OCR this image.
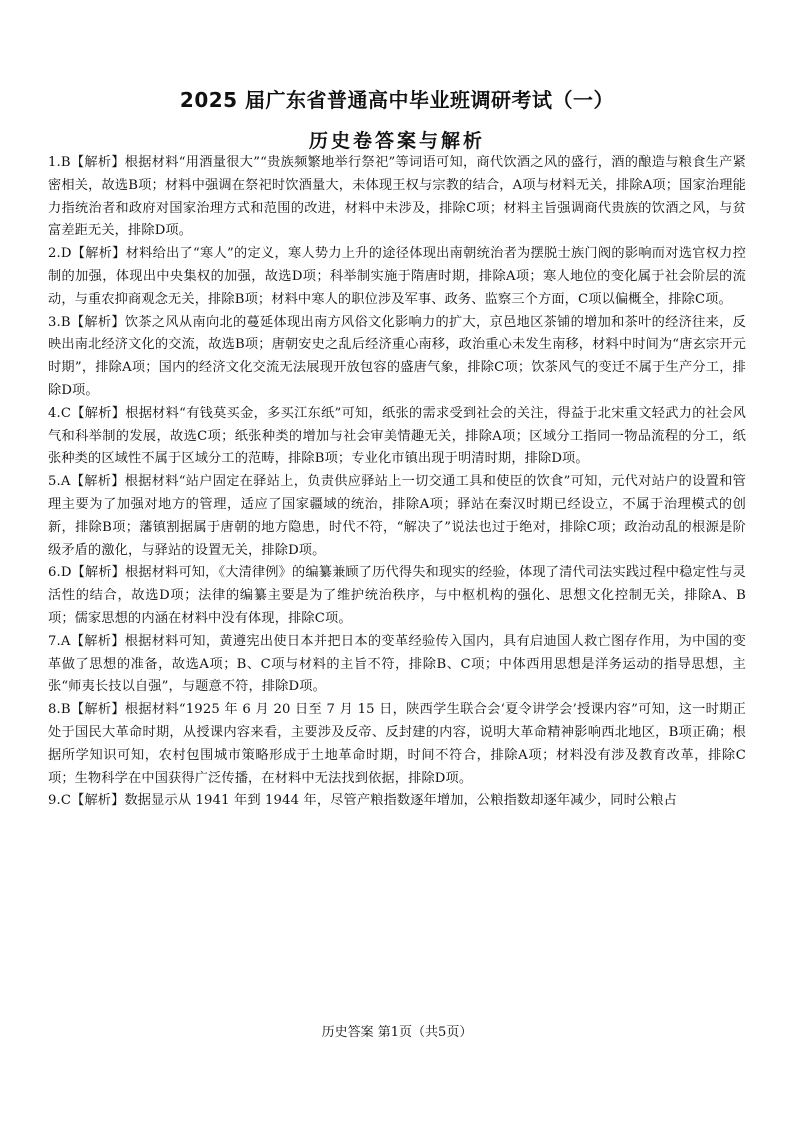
2025 届广东省普通高中毕业班调研考试（一）
历史卷答案与解析

1.B【解析】根据材料“用酒量很大”“贵族频繁地举行祭祀”等词语可知，商代饮酒之风的盛行，酒的酿造与粮食生产紧密相关，故选B项；材料中强调在祭祀时饮酒量大，未体现王权与宗教的结合，A项与材料无关，排除A项；国家治理能力指统治者和政府对国家治理方式和范围的改进，材料中未涉及，排除C项；材料主旨强调商代贵族的饮酒之风，与贫富差距无关，排除D项。

2.D【解析】材料给出了“寒人”的定义，寒人势力上升的途径体现出南朝统治者为摆脱士族门阀的影响而对选官权力控制的加强，体现出中央集权的加强，故选D项；科举制实施于隋唐时期，排除A项；寒人地位的变化属于社会阶层的流动，与重农抑商观念无关，排除B项；材料中寒人的职位涉及军事、政务、监察三个方面，C项以偏概全，排除C项。

3.B【解析】饮茶之风从南向北的蔓延体现出南方风俗文化影响力的扩大，京邑地区茶铺的增加和茶叶的经济往来，反映出南北经济文化的交流，故选B项；唐朝安史之乱后经济重心南移，政治重心未发生南移，材料中时间为“唐玄宗开元时期”，排除A项；国内的经济文化交流无法展现开放包容的盛唐气象，排除C项；饮茶风气的变迁不属于生产分工，排除D项。

4.C【解析】根据材料“有钱莫买金，多买江东纸”可知，纸张的需求受到社会的关注，得益于北宋重文轻武力的社会风气和科举制的发展，故选C项；纸张种类的增加与社会审美情趣无关，排除A项；区域分工指同一物品流程的分工，纸张种类的区域性不属于区域分工的范畴，排除B项；专业化市镇出现于明清时期，排除D项。

5.A【解析】根据材料“站户固定在驿站上，负责供应驿站上一切交通工具和使臣的饮食”可知，元代对站户的设置和管理主要为了加强对地方的管理，适应了国家疆域的统治，排除A项；驿站在秦汉时期已经设立，不属于治理模式的创新，排除B项；藩镇割据属于唐朝的地方隐患，时代不符，“解决了”说法也过于绝对，排除C项；政治动乱的根源是阶级矛盾的激化，与驿站的设置无关，排除D项。

6.D【解析】根据材料可知，《大清律例》的编纂兼顾了历代得失和现实的经验，体现了清代司法实践过程中稳定性与灵活性的结合，故选D项；法律的编纂主要是为了维护统治秩序，与中枢机构的强化、思想文化控制无关，排除A、B 项；儒家思想的内涵在材料中没有体现，排除C项。

7.A【解析】根据材料可知，黄遵宪出使日本并把日本的变革经验传入国内，具有启迪国人救亡图存作用，为中国的变革做了思想的准备，故选A项；B、C项与材料的主旨不符，排除B、C项；中体西用思想是洋务运动的指导思想，主张“师夷长技以自强”，与题意不符，排除D项。

8.B【解析】根据材料“1925 年 6 月 20 日至 7 月 15 日，陕西学生联合会‘夏令讲学会’授课内容”可知，这一时期正处于国民大革命时期，从授课内容来看，主要涉及反帝、反封建的内容，说明大革命精神影响西北地区，B项正确；根据所学知识可知，农村包围城市策略形成于土地革命时期，时间不符合，排除A项；材料没有涉及教育改革，排除C项；生物科学在中国获得广泛传播，在材料中无法找到依据，排除D项。

9.C【解析】数据显示从 1941 年到 1944 年，尽管产粮指数逐年增加，公粮指数却逐年减少，同时公粮占

历史答案 第1页（共5页）
